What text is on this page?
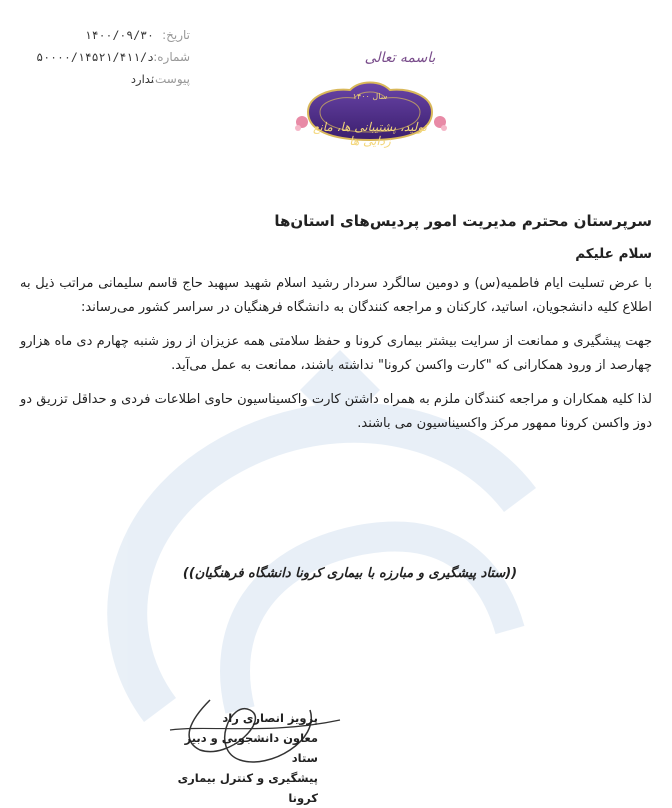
تاریخ:
۱۴۰۰/۰۹/۳۰
شماره:
۵۰۰۰۰/۱۴۵۲۱/۴۱۱/د
پیوست:
ندارد
باسمه تعالی
سال ۱۴۰۰
تولید، پشتیبانی ها، مانع زدایی ها

سرپرستان محترم مدیریت امور پردیس‌های استان‌ها

سلام علیکم

با عرض تسلیت ایام فاطمیه(س) و دومین سالگرد سردار رشید اسلام شهید سپهبد حاج قاسم سلیمانی مراتب ذیل به اطلاع کلیه دانشجویان، اساتید، کارکنان و مراجعه کنندگان به دانشگاه فرهنگیان در سراسر کشور می‌رساند:

جهت پیشگیری و ممانعت از سرایت بیشتر بیماری کرونا و حفظ سلامتی همه عزیزان از روز شنبه چهارم دی ماه هزارو چهارصد از ورود همکارانی که "کارت واکسن کرونا" نداشته باشند، ممانعت به عمل می‌آید.

لذا کلیه همکاران و مراجعه کنندگان ملزم به همراه داشتن کارت واکسیناسیون حاوی اطلاعات فردی و حداقل تزریق دو دوز واکسن کرونا ممهور مرکز واکسیناسیون می باشند.

((ستاد پیشگیری و مبارزه با بیماری کرونا دانشگاه فرهنگیان))
پرویز انصاری راد
معاون دانشجویی و دبیر ستاد
پیشگیری و کنترل بیماری کرونا
